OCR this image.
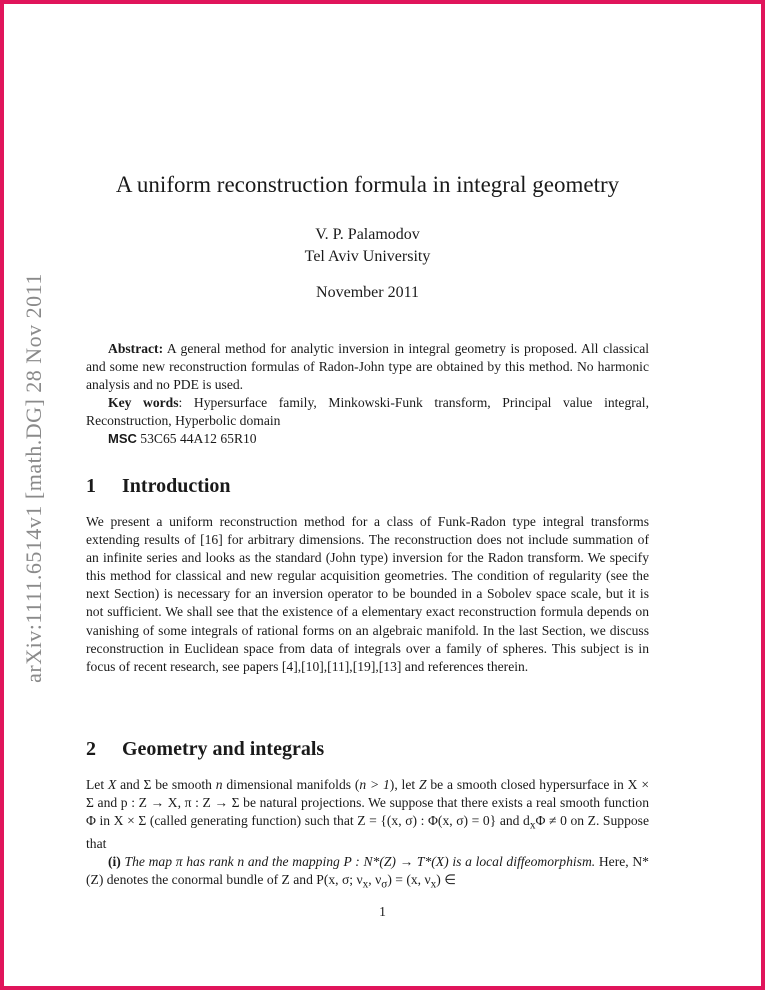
arXiv:1111.6514v1 [math.DG] 28 Nov 2011
A uniform reconstruction formula in integral geometry
V. P. Palamodov
Tel Aviv University
November 2011

Abstract: A general method for analytic inversion in integral geometry is proposed. All classical and some new reconstruction formulas of Radon-John type are obtained by this method. No harmonic analysis and no PDE is used.

Key words: Hypersurface family, Minkowski-Funk transform, Principal value integral, Reconstruction, Hyperbolic domain

MSC 53C65 44A12 65R10

1 Introduction

We present a uniform reconstruction method for a class of Funk-Radon type integral transforms extending results of [16] for arbitrary dimensions. The reconstruction does not include summation of an infinite series and looks as the standard (John type) inversion for the Radon transform. We specify this method for classical and new regular acquisition geometries. The condition of regularity (see the next Section) is necessary for an inversion operator to be bounded in a Sobolev space scale, but it is not sufficient. We shall see that the existence of a elementary exact reconstruction formula depends on vanishing of some integrals of rational forms on an algebraic manifold. In the last Section, we discuss reconstruction in Euclidean space from data of integrals over a family of spheres. This subject is in focus of recent research, see papers [4],[10],[11],[19],[13] and references therein.

2 Geometry and integrals

Let X and Σ be smooth n dimensional manifolds (n > 1), let Z be a smooth closed hypersurface in X × Σ and p : Z → X, π : Z → Σ be natural projections. We suppose that there exists a real smooth function Φ in X × Σ (called generating function) such that Z = {(x, σ) : Φ(x, σ) = 0} and $d_x\Phi \ne 0$ on Z. Suppose that

(i) The map π has rank n and the mapping P : N*(Z) → T*(X) is a local diffeomorphism. Here, N*(Z) denotes the conormal bundle of Z and P(x, σ; $\nu_x$, $\nu_\sigma) = (x$, $\nu_x$) ∈

1
